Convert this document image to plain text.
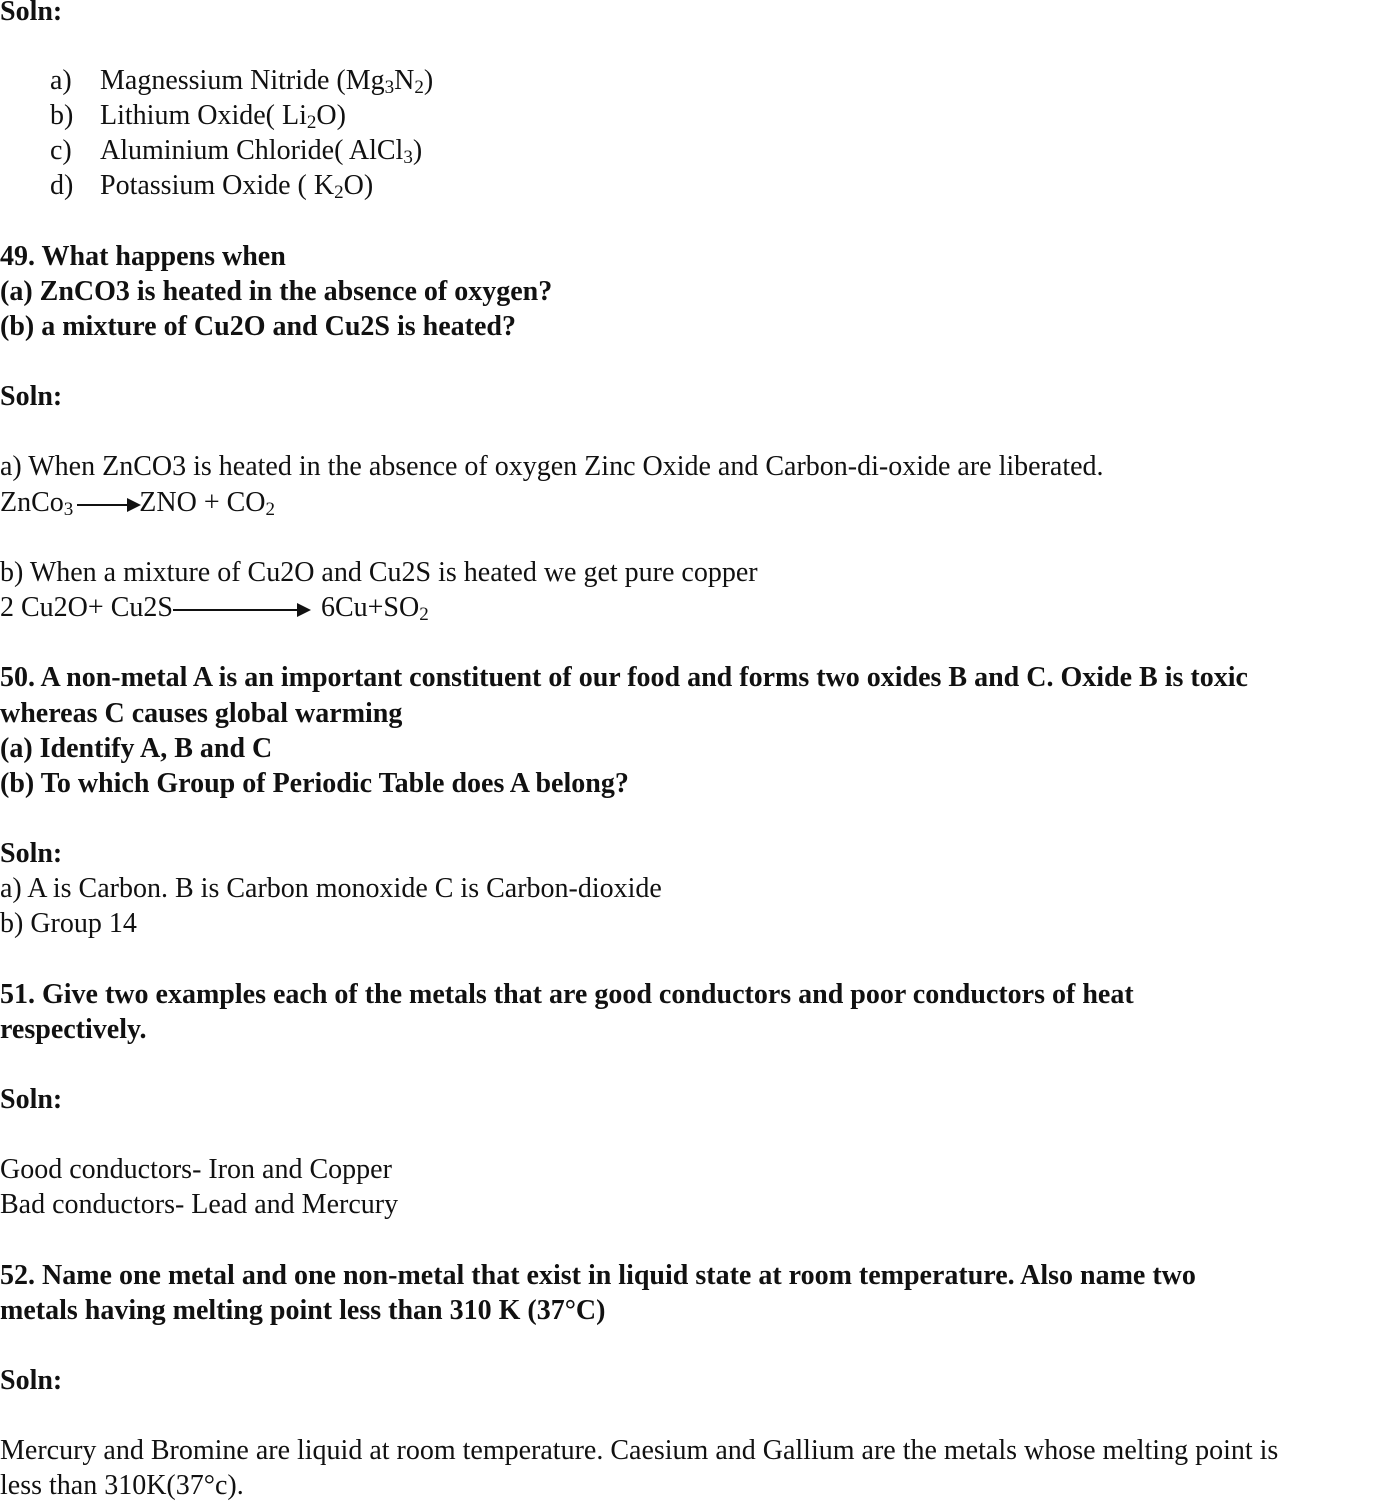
Soln:
a) Magnessium Nitride $(Mg_3N_2)$
b) Lithium Oxide( $Li_2O$)
c) Aluminium Chloride( AlCl$_3$)
d) Potassium Oxide ( $K_2O$)
49. What happens when
(a) ZnCO3 is heated in the absence of oxygen?
(b) a mixture of Cu2O and Cu2S is heated?
Soln:
a) When ZnCO3 is heated in the absence of oxygen Zinc Oxide and Carbon-di-oxide are liberated.
ZnCo$_3$ ZNO + $CO_2$
b) When a mixture of Cu2O and Cu2S is heated we get pure copper
2 Cu2O+ Cu2S	$6Cu+SO_2$
50. A non-metal A is an important constituent of our food and forms two oxides B and C. Oxide B is toxic
whereas C causes global warming
(a) Identify A, B and C
(b) To which Group of Periodic Table does A belong?
Soln:
a) A is Carbon. B is Carbon monoxide C is Carbon-dioxide
b) Group 14
51. Give two examples each of the metals that are good conductors and poor conductors of heat
respectively.
Soln:
Good conductors- Iron and Copper
Bad conductors- Lead and Mercury
52. Name one metal and one non-metal that exist in liquid state at room temperature. Also name two
metals having melting point less than 310 K (37°C)
Soln:
Mercury and Bromine are liquid at room temperature. Caesium and Gallium are the metals whose melting point is
less than 310K(37°c).
